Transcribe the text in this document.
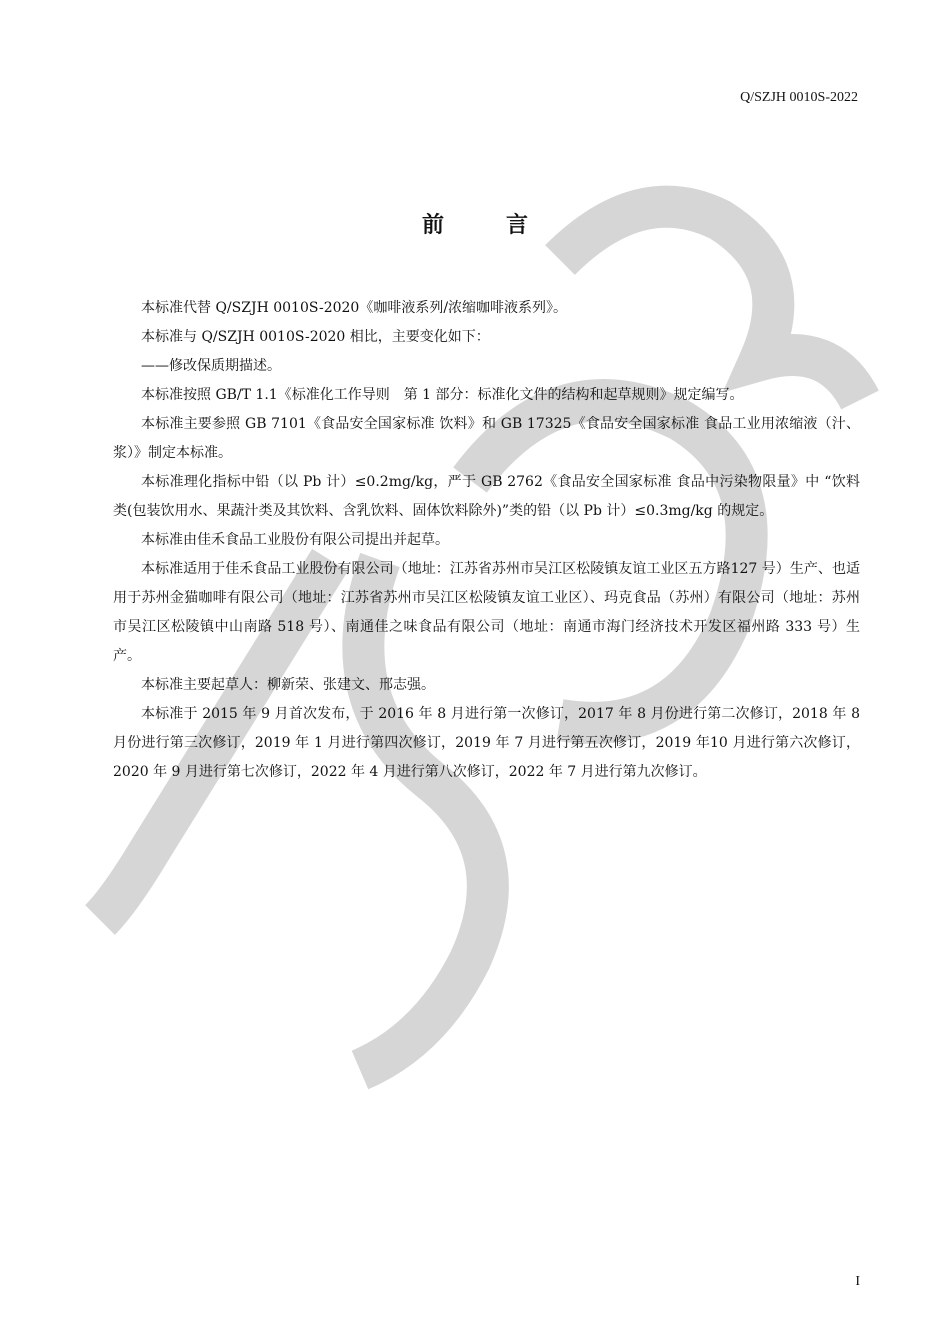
Q/SZJH 0010S-2022
前言

本标准代替 Q/SZJH 0010S-2020《咖啡液系列/浓缩咖啡液系列》。

本标准与 Q/SZJH 0010S-2020 相比，主要变化如下：

——修改保质期描述。

本标准按照 GB/T 1.1《标准化工作导则　第 1 部分：标准化文件的结构和起草规则》规定编写。

本标准主要参照 GB 7101《食品安全国家标准 饮料》和 GB 17325《食品安全国家标准 食品工业用浓缩液（汁、浆）》制定本标准。

本标准理化指标中铅（以 Pb 计）≤0.2mg/kg，严于 GB 2762《食品安全国家标准 食品中污染物限量》中 “饮料类(包装饮用水、果蔬汁类及其饮料、含乳饮料、固体饮料除外)”类的铅（以 Pb 计）≤0.3mg/kg 的规定。

本标准由佳禾食品工业股份有限公司提出并起草。

本标准适用于佳禾食品工业股份有限公司（地址：江苏省苏州市吴江区松陵镇友谊工业区五方路127 号）生产、也适用于苏州金猫咖啡有限公司（地址：江苏省苏州市吴江区松陵镇友谊工业区）、玛克食品（苏州）有限公司（地址：苏州市吴江区松陵镇中山南路 518 号）、南通佳之味食品有限公司（地址：南通市海门经济技术开发区福州路 333 号）生产。

本标准主要起草人：柳新荣、张建文、邢志强。

本标准于 2015 年 9 月首次发布，于 2016 年 8 月进行第一次修订，2017 年 8 月份进行第二次修订，2018 年 8 月份进行第三次修订，2019 年 1 月进行第四次修订，2019 年 7 月进行第五次修订，2019 年10 月进行第六次修订，2020 年 9 月进行第七次修订，2022 年 4 月进行第八次修订，2022 年 7 月进行第九次修订。

I
